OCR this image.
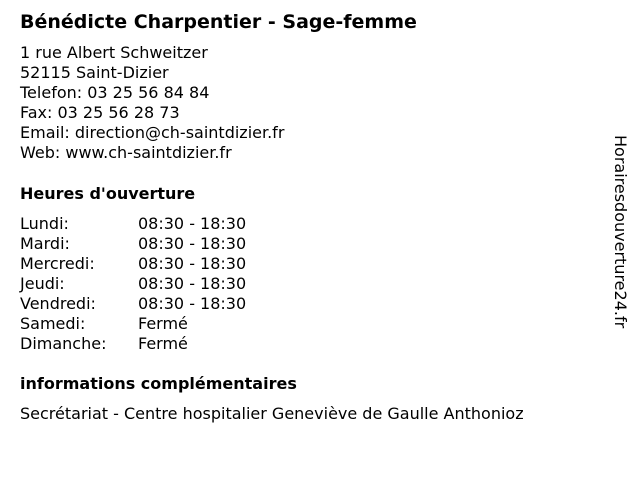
Bénédicte Charpentier - Sage-femme
1 rue Albert Schweitzer
52115 Saint-Dizier
Telefon: 03 25 56 84 84
Fax: 03 25 56 28 73
Email: direction@ch-saintdizier.fr
Web: www.ch-saintdizier.fr
Heures d'ouverture
Lundi:	08:30 - 18:30
Mardi:	08:30 - 18:30
Mercredi:	08:30 - 18:30
Jeudi:	08:30 - 18:30
Vendredi:	08:30 - 18:30
Samedi:	Fermé
Dimanche: Fermé
informations complémentaires
Secrétariat - Centre hospitalier Geneviève de Gaulle Anthonioz
Horairesdouverture24.fr
